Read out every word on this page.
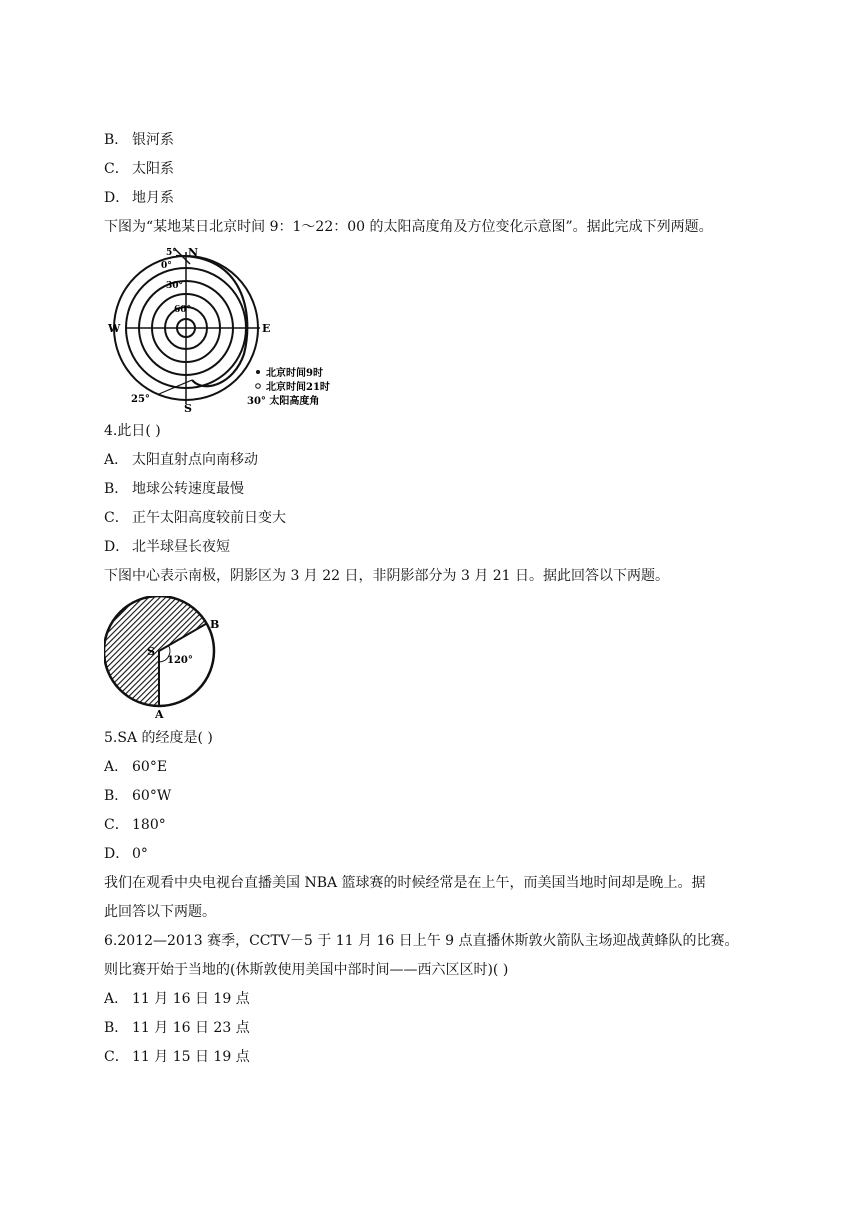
B． 银河系
C． 太阳系
D． 地月系
下图为“某地某日北京时间 9：1～22：00 的太阳高度角及方位变化示意图”。据此完成下列两题。
N
S
E
W
5°
0°
30°
60°
25°
北京时间9时
北京时间21时
30° 太阳高度角
4.此日( )
A． 太阳直射点向南移动
B． 地球公转速度最慢
C． 正午太阳高度较前日变大
D． 北半球昼长夜短
下图中心表示南极，阴影区为 3 月 22 日，非阴影部分为 3 月 21 日。据此回答以下两题。
S
120°
B
A
5.SA 的经度是( )
A． 60°E
B． 60°W
C． 180°
D． 0°
我们在观看中央电视台直播美国 NBA 篮球赛的时候经常是在上午，而美国当地时间却是晚上。据
此回答以下两题。
6.2012—2013 赛季，CCTV－5 于 11 月 16 日上午 9 点直播休斯敦火箭队主场迎战黄蜂队的比赛。
则比赛开始于当地的(休斯敦使用美国中部时间——西六区区时)( )
A． 11 月 16 日 19 点
B． 11 月 16 日 23 点
C． 11 月 15 日 19 点
